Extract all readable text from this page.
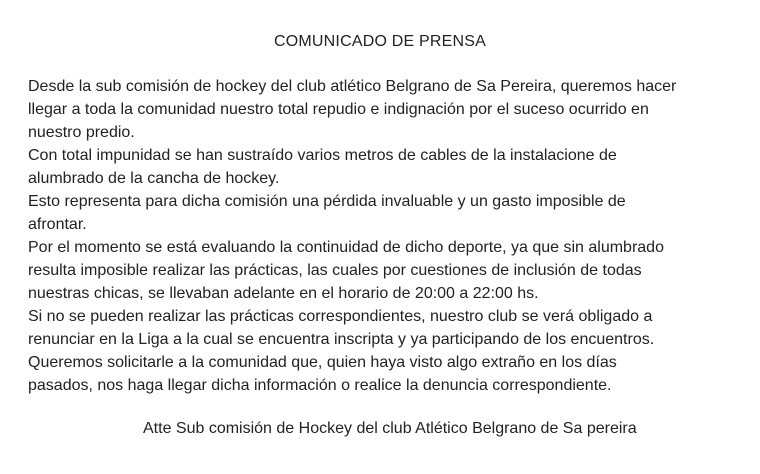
COMUNICADO DE PRENSA
Desde la sub comisión de hockey del club atlético Belgrano de Sa Pereira, queremos hacer
llegar a toda la comunidad nuestro total repudio e indignación por el suceso ocurrido en
nuestro predio.
Con total impunidad se han sustraído varios metros de cables de la instalacione de
alumbrado de la cancha de hockey.
Esto representa para dicha comisión una pérdida invaluable y un gasto imposible de
afrontar.
Por el momento se está evaluando la continuidad de dicho deporte, ya que sin alumbrado
resulta imposible realizar las prácticas, las cuales por cuestiones de inclusión de todas
nuestras chicas, se llevaban adelante en el horario de 20:00 a 22:00 hs.
Si no se pueden realizar las prácticas correspondientes, nuestro club se verá obligado a
renunciar en la Liga a la cual se encuentra inscripta y ya participando de los encuentros.
Queremos solicitarle a la comunidad que, quien haya visto algo extraño en los días
pasados, nos haga llegar dicha información o realice la denuncia correspondiente.
Atte Sub comisión de Hockey del club Atlético Belgrano de Sa pereira
